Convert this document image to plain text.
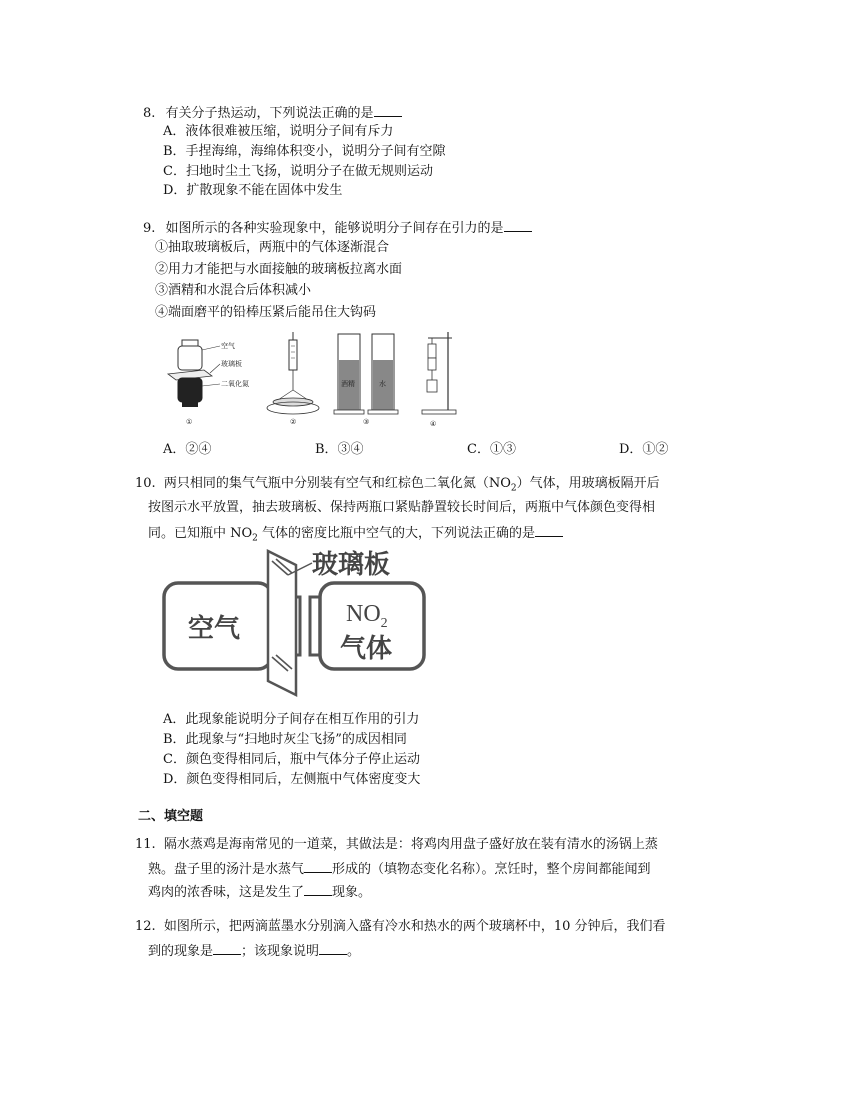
8. 有关分子热运动，下列说法正确的是
A．液体很难被压缩，说明分子间有斥力
B．手捏海绵，海绵体积变小，说明分子间有空隙
C．扫地时尘土飞扬，说明分子在做无规则运动
D．扩散现象不能在固体中发生
9. 如图所示的各种实验现象中，能够说明分子间存在引力的是
①抽取玻璃板后，两瓶中的气体逐渐混合
②用力才能把与水面接触的玻璃板拉离水面
③酒精和水混合后体积减小
④端面磨平的铅棒压紧后能吊住大钩码
空气
玻璃板
二氧化氮
①	②
酒精	水
③	④
A．②④	B．③④	C．①③	D．①②
10. 两只相同的集气气瓶中分别装有空气和红棕色二氧化氮$(NO_2)$气体，用玻璃板隔开后
按图示水平放置，抽去玻璃板、保持两瓶口紧贴静置较长时间后，两瓶中气体颜色变得相
同。已知瓶中 $NO_2$ 气体的密度比瓶中空气的大，下列说法正确的是
玻璃板
空气	$NO_2$
气体
A．此现象能说明分子间存在相互作用的引力
B．此现象与“扫地时灰尘飞扬”的成因相同
C．颜色变得相同后，瓶中气体分子停止运动
D．颜色变得相同后，左侧瓶中气体密度变大
二、填空题
11. 隔水蒸鸡是海南常见的一道菜，其做法是：将鸡肉用盘子盛好放在装有清水的汤锅上蒸
熟。盘子里的汤汁是水蒸气 形成的（填物态变化名称）。烹饪时，整个房间都能闻到
鸡肉的浓香味，这是发生了 现象。
12. 如图所示，把两滴蓝墨水分别滴入盛有冷水和热水的两个玻璃杯中，10 分钟后，我们看
到的现象是 ；该现象说明 。
